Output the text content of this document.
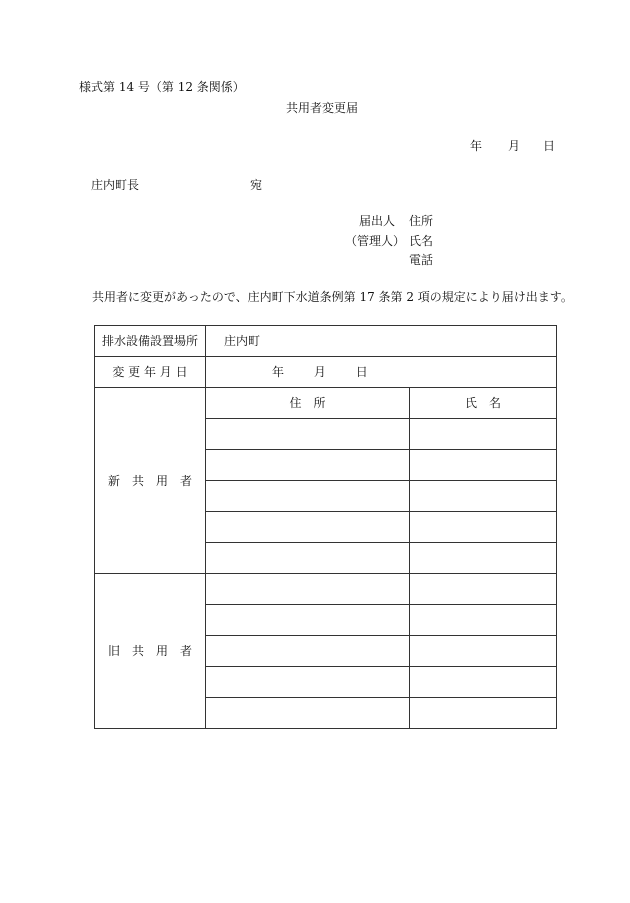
様式第 14 号（第 12 条関係）
共用者変更届
年 月 日
庄内町長	宛
届出人 住所
（管理人） 氏名
電話
共用者に変更があったので、庄内町下水道条例第 17 条第 2 項の規定により届け出ます。
排水設備設置場所	庄内町	
変 更 年 月 日	年 月 日	
新　共　用　者	住　所	氏　名

旧　共　用　者		
